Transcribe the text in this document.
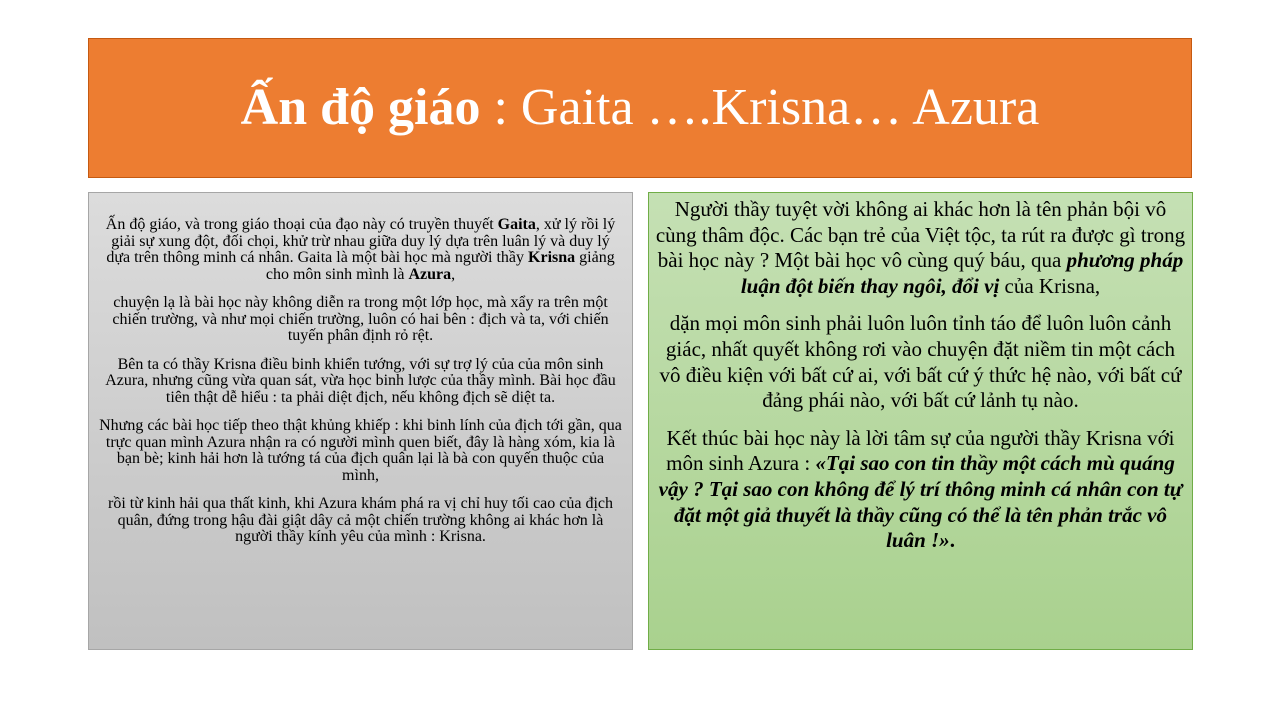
Ấn độ giáo : Gaita ….Krisna… Azura

Ấn độ giáo, và trong giáo thoại của đạo này có truyền thuyết Gaita, xử lý rồi lý giải sự xung đột, đối chọi, khử trừ nhau giữa duy lý dựa trên luân lý và duy lý dựa trên thông minh cá nhân. Gaita là một bài học mà người thầy Krisna giảng cho môn sinh mình là Azura,

chuyện lạ là bài học này không diễn ra trong một lớp học, mà xẩy ra trên một chiến trường, và như mọi chiến trường, luôn có hai bên : địch và ta, với chiến tuyến phân định rỏ rệt.

Bên ta có thầy Krisna điều binh khiển tướng, với sự trợ lý của của môn sinh Azura, nhưng cũng vừa quan sát, vừa học binh lược của thầy mình. Bài học đầu tiên thật dễ hiểu : ta phải diệt địch, nếu không địch sẽ diệt ta.

Nhưng các bài học tiếp theo thật khủng khiếp : khi binh lính của địch tới gần, qua trực quan mình Azura nhận ra có người mình quen biết, đây là hàng xóm, kia là bạn bè; kinh hải hơn là tướng tá của địch quân lại là bà con quyến thuộc của mình,

rồi từ kinh hải qua thất kinh, khi Azura khám phá ra vị chỉ huy tối cao của địch quân, đứng trong hậu đài giật dây cả một chiến trường không ai khác hơn là người thầy kính yêu của mình : Krisna.

Người thầy tuyệt vời không ai khác hơn là tên phản bội vô cùng thâm độc. Các bạn trẻ của Việt tộc, ta rút ra được gì trong bài học này ? Một bài học vô cùng quý báu, qua phương pháp luận đột biến thay ngôi, đổi vị của Krisna,

dặn mọi môn sinh phải luôn luôn tỉnh táo để luôn luôn cảnh giác, nhất quyết không rơi vào chuyện đặt niềm tin một cách vô điều kiện với bất cứ ai, với bất cứ ý thức hệ nào, với bất cứ đảng phái nào, với bất cứ lảnh tụ nào.

Kết thúc bài học này là lời tâm sự của người thầy Krisna với môn sinh Azura : «Tại sao con tin thầy một cách mù quáng vậy ? Tại sao con không để lý trí thông minh cá nhân con tự đặt một giả thuyết là thầy cũng có thể là tên phản trắc vô luân !».
